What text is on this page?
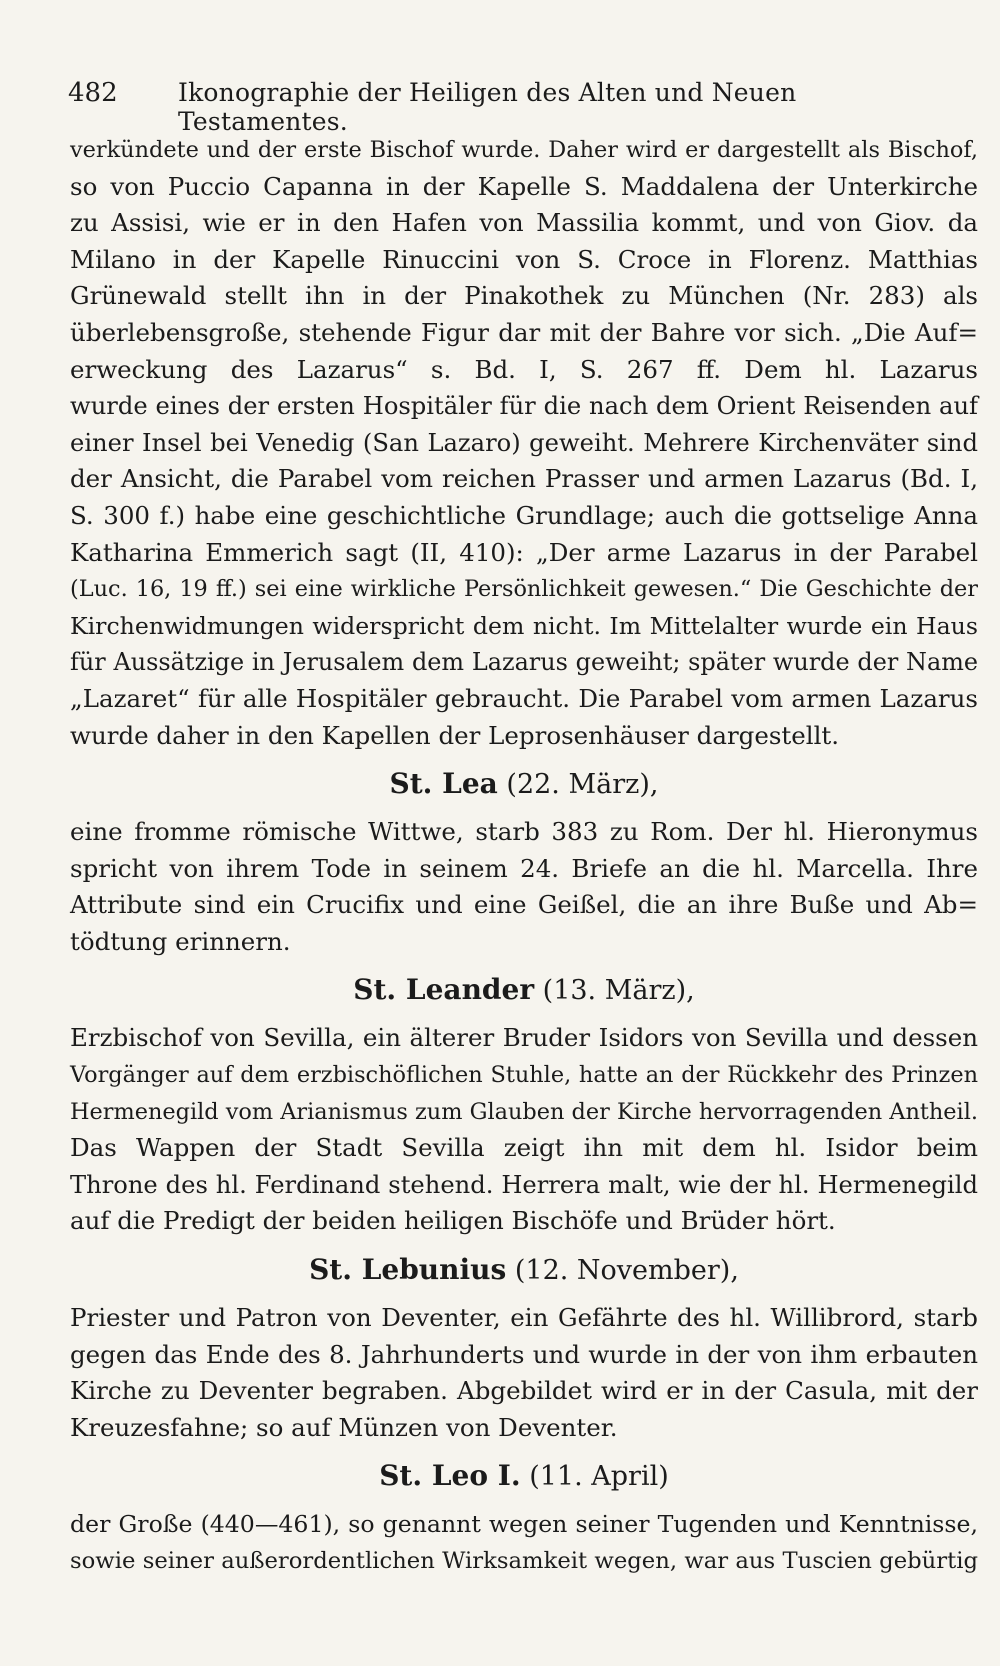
482	Ikonographie der Heiligen des Alten und Neuen Testamentes.
verkündete und der erste Bischof wurde. Daher wird er dargestellt als Bischof,
so von Puccio Capanna in der Kapelle S. Maddalena der Unterkirche
zu Assisi, wie er in den Hafen von Massilia kommt, und von Giov. da
Milano in der Kapelle Rinuccini von S. Croce in Florenz. Matthias
Grünewald stellt ihn in der Pinakothek zu München (Nr. 283) als
überlebensgroße, stehende Figur dar mit der Bahre vor sich. „Die Auf=
erweckung des Lazarus“ s. Bd. I, S. 267 ff. Dem hl. Lazarus
wurde eines der ersten Hospitäler für die nach dem Orient Reisenden auf
einer Insel bei Venedig (San Lazaro) geweiht. Mehrere Kirchenväter sind
der Ansicht, die Parabel vom reichen Prasser und armen Lazarus (Bd. I,
S. 300 f.) habe eine geschichtliche Grundlage; auch die gottselige Anna
Katharina Emmerich sagt (II, 410): „Der arme Lazarus in der Parabel
(Luc. 16, 19 ff.) sei eine wirkliche Persönlichkeit gewesen.“ Die Geschichte der
Kirchenwidmungen widerspricht dem nicht. Im Mittelalter wurde ein Haus
für Aussätzige in Jerusalem dem Lazarus geweiht; später wurde der Name
„Lazaret“ für alle Hospitäler gebraucht. Die Parabel vom armen Lazarus
wurde daher in den Kapellen der Leprosenhäuser dargestellt.
St. Lea (22. März),
eine fromme römische Wittwe, starb 383 zu Rom. Der hl. Hieronymus
spricht von ihrem Tode in seinem 24. Briefe an die hl. Marcella. Ihre
Attribute sind ein Crucifix und eine Geißel, die an ihre Buße und Ab=
tödtung erinnern.
St. Leander (13. März),
Erzbischof von Sevilla, ein älterer Bruder Isidors von Sevilla und dessen
Vorgänger auf dem erzbischöflichen Stuhle, hatte an der Rückkehr des Prinzen
Hermenegild vom Arianismus zum Glauben der Kirche hervorragenden Antheil.
Das Wappen der Stadt Sevilla zeigt ihn mit dem hl. Isidor beim
Throne des hl. Ferdinand stehend. Herrera malt, wie der hl. Hermenegild
auf die Predigt der beiden heiligen Bischöfe und Brüder hört.
St. Lebunius (12. November),
Priester und Patron von Deventer, ein Gefährte des hl. Willibrord, starb
gegen das Ende des 8. Jahrhunderts und wurde in der von ihm erbauten
Kirche zu Deventer begraben. Abgebildet wird er in der Casula, mit der
Kreuzesfahne; so auf Münzen von Deventer.
St. Leo I. (11. April)
der Große (440—461), so genannt wegen seiner Tugenden und Kenntnisse,
sowie seiner außerordentlichen Wirksamkeit wegen, war aus Tuscien gebürtig
